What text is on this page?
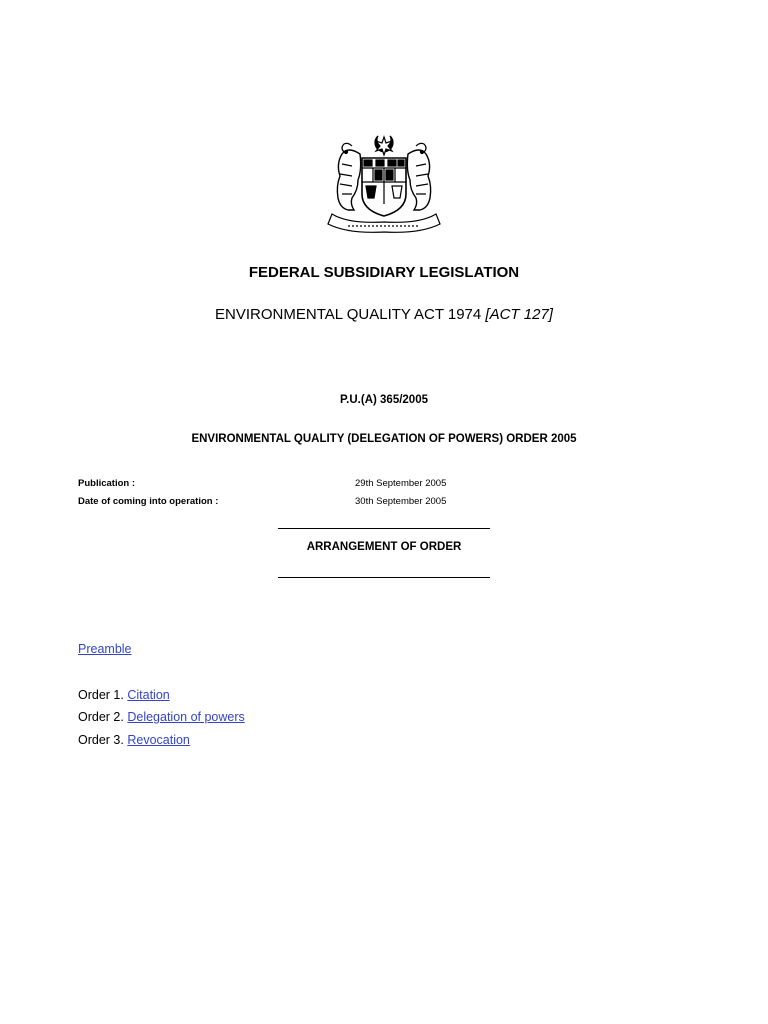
FEDERAL SUBSIDIARY LEGISLATION
ENVIRONMENTAL QUALITY ACT 1974 [ACT 127]
P.U.(A) 365/2005
ENVIRONMENTAL QUALITY (DELEGATION OF POWERS) ORDER 2005
Publication :	29th September 2005
Date of coming into operation :	30th September 2005
ARRANGEMENT OF ORDER
Preamble
Order 1. Citation
Order 2. Delegation of powers
Order 3. Revocation
